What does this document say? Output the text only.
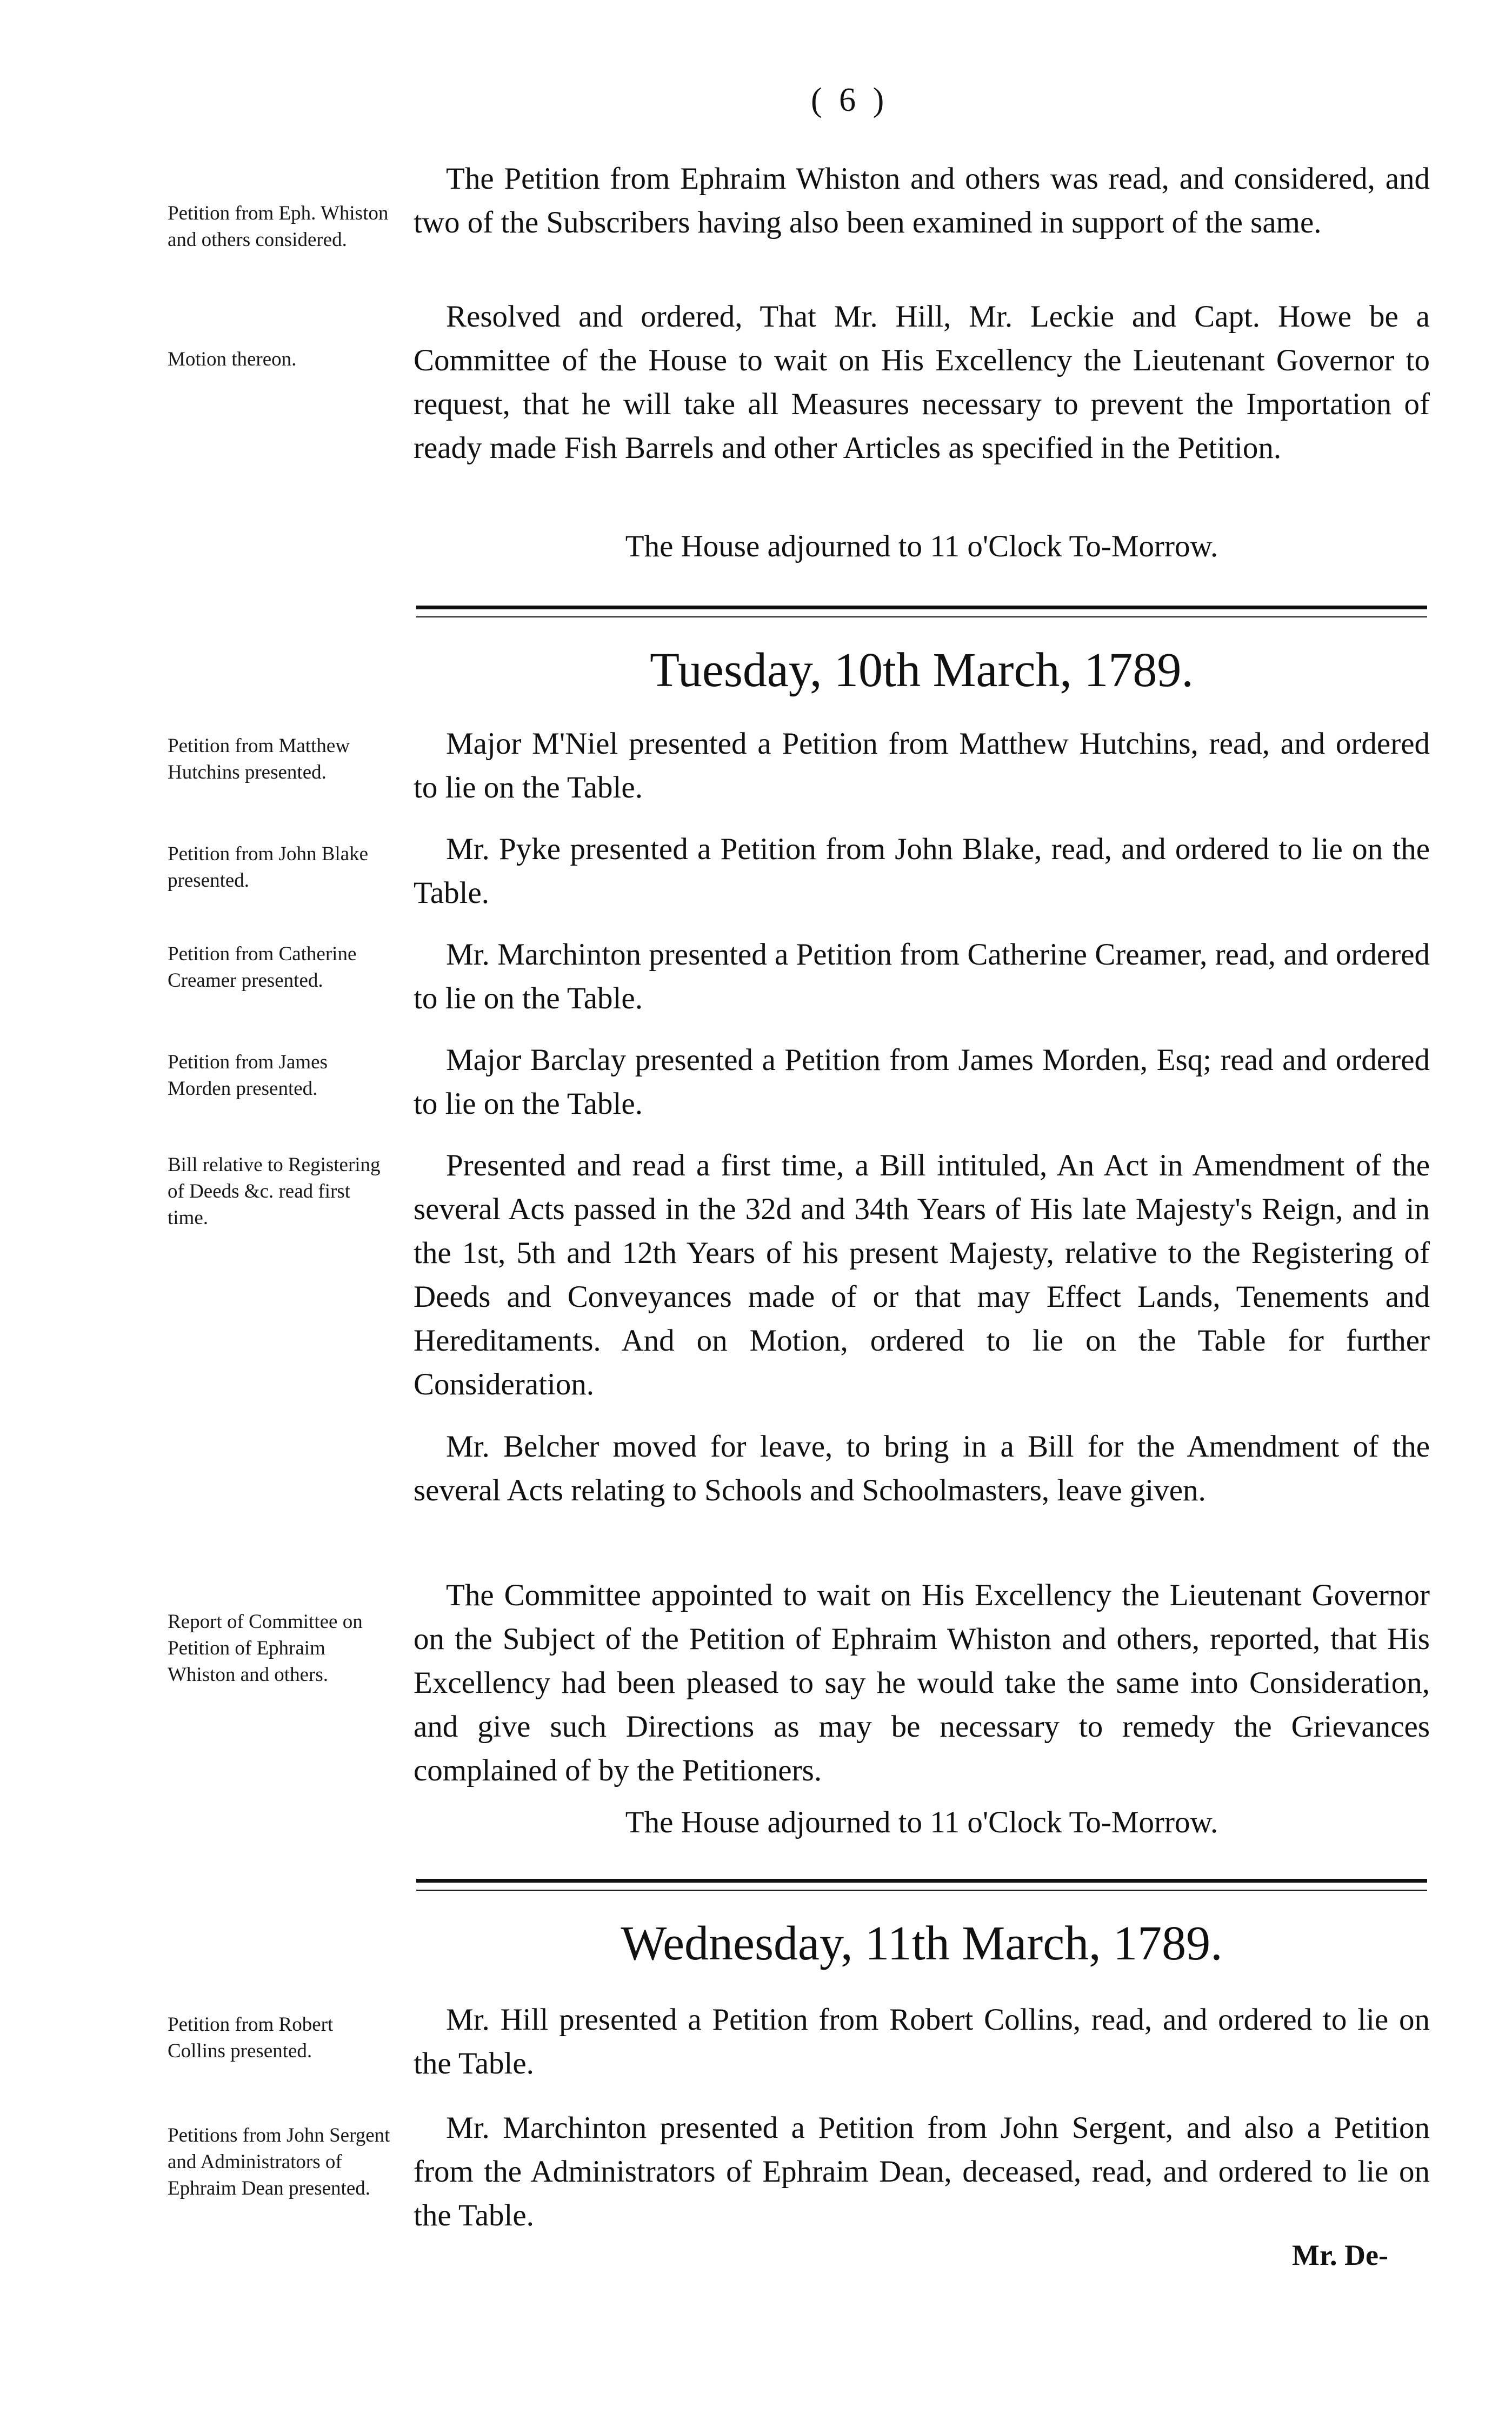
( 6 )
Petition from Eph. Whiston and others considered.
The Petition from Ephraim Whiston and others was read, and considered, and two of the Subscribers having also been examined in support of the same.
Motion thereon.
Resolved and ordered, That Mr. Hill, Mr. Leckie and Capt. Howe be a Committee of the House to wait on His Excellency the Lieutenant Governor to request, that he will take all Measures necessary to prevent the Importation of ready made Fish Barrels and other Articles as specified in the Petition.
The House adjourned to 11 o'Clock To-Morrow.
Tuesday, 10th March, 1789.
Petition from Matthew Hutchins presented.
Major M'Niel presented a Petition from Matthew Hutchins, read, and ordered to lie on the Table.
Petition from John Blake presented.
Mr. Pyke presented a Petition from John Blake, read, and ordered to lie on the Table.
Petition from Catherine Creamer presented.
Mr. Marchinton presented a Petition from Catherine Creamer, read, and ordered to lie on the Table.
Petition from James Morden presented.
Major Barclay presented a Petition from James Morden, Esq; read and ordered to lie on the Table.
Bill relative to Registering of Deeds &c. read first time.
Presented and read a first time, a Bill intituled, An Act in Amendment of the several Acts passed in the 32d and 34th Years of His late Majesty's Reign, and in the 1st, 5th and 12th Years of his present Majesty, relative to the Registering of Deeds and Conveyances made of or that may Effect Lands, Tenements and Hereditaments. And on Motion, ordered to lie on the Table for further Consideration.
Mr. Belcher moved for leave, to bring in a Bill for the Amendment of the several Acts relating to Schools and Schoolmasters, leave given.
Report of Committee on Petition of Ephraim Whiston and others.
The Committee appointed to wait on His Excellency the Lieutenant Governor on the Subject of the Petition of Ephraim Whiston and others, reported, that His Excellency had been pleased to say he would take the same into Consideration, and give such Directions as may be necessary to remedy the Grievances complained of by the Petitioners.
The House adjourned to 11 o'Clock To-Morrow.
Wednesday, 11th March, 1789.
Petition from Robert Collins presented.
Mr. Hill presented a Petition from Robert Collins, read, and ordered to lie on the Table.
Petitions from John Sergent and Administrators of Ephraim Dean presented.
Mr. Marchinton presented a Petition from John Sergent, and also a Petition from the Administrators of Ephraim Dean, deceased, read, and ordered to lie on the Table.
Mr. De-
